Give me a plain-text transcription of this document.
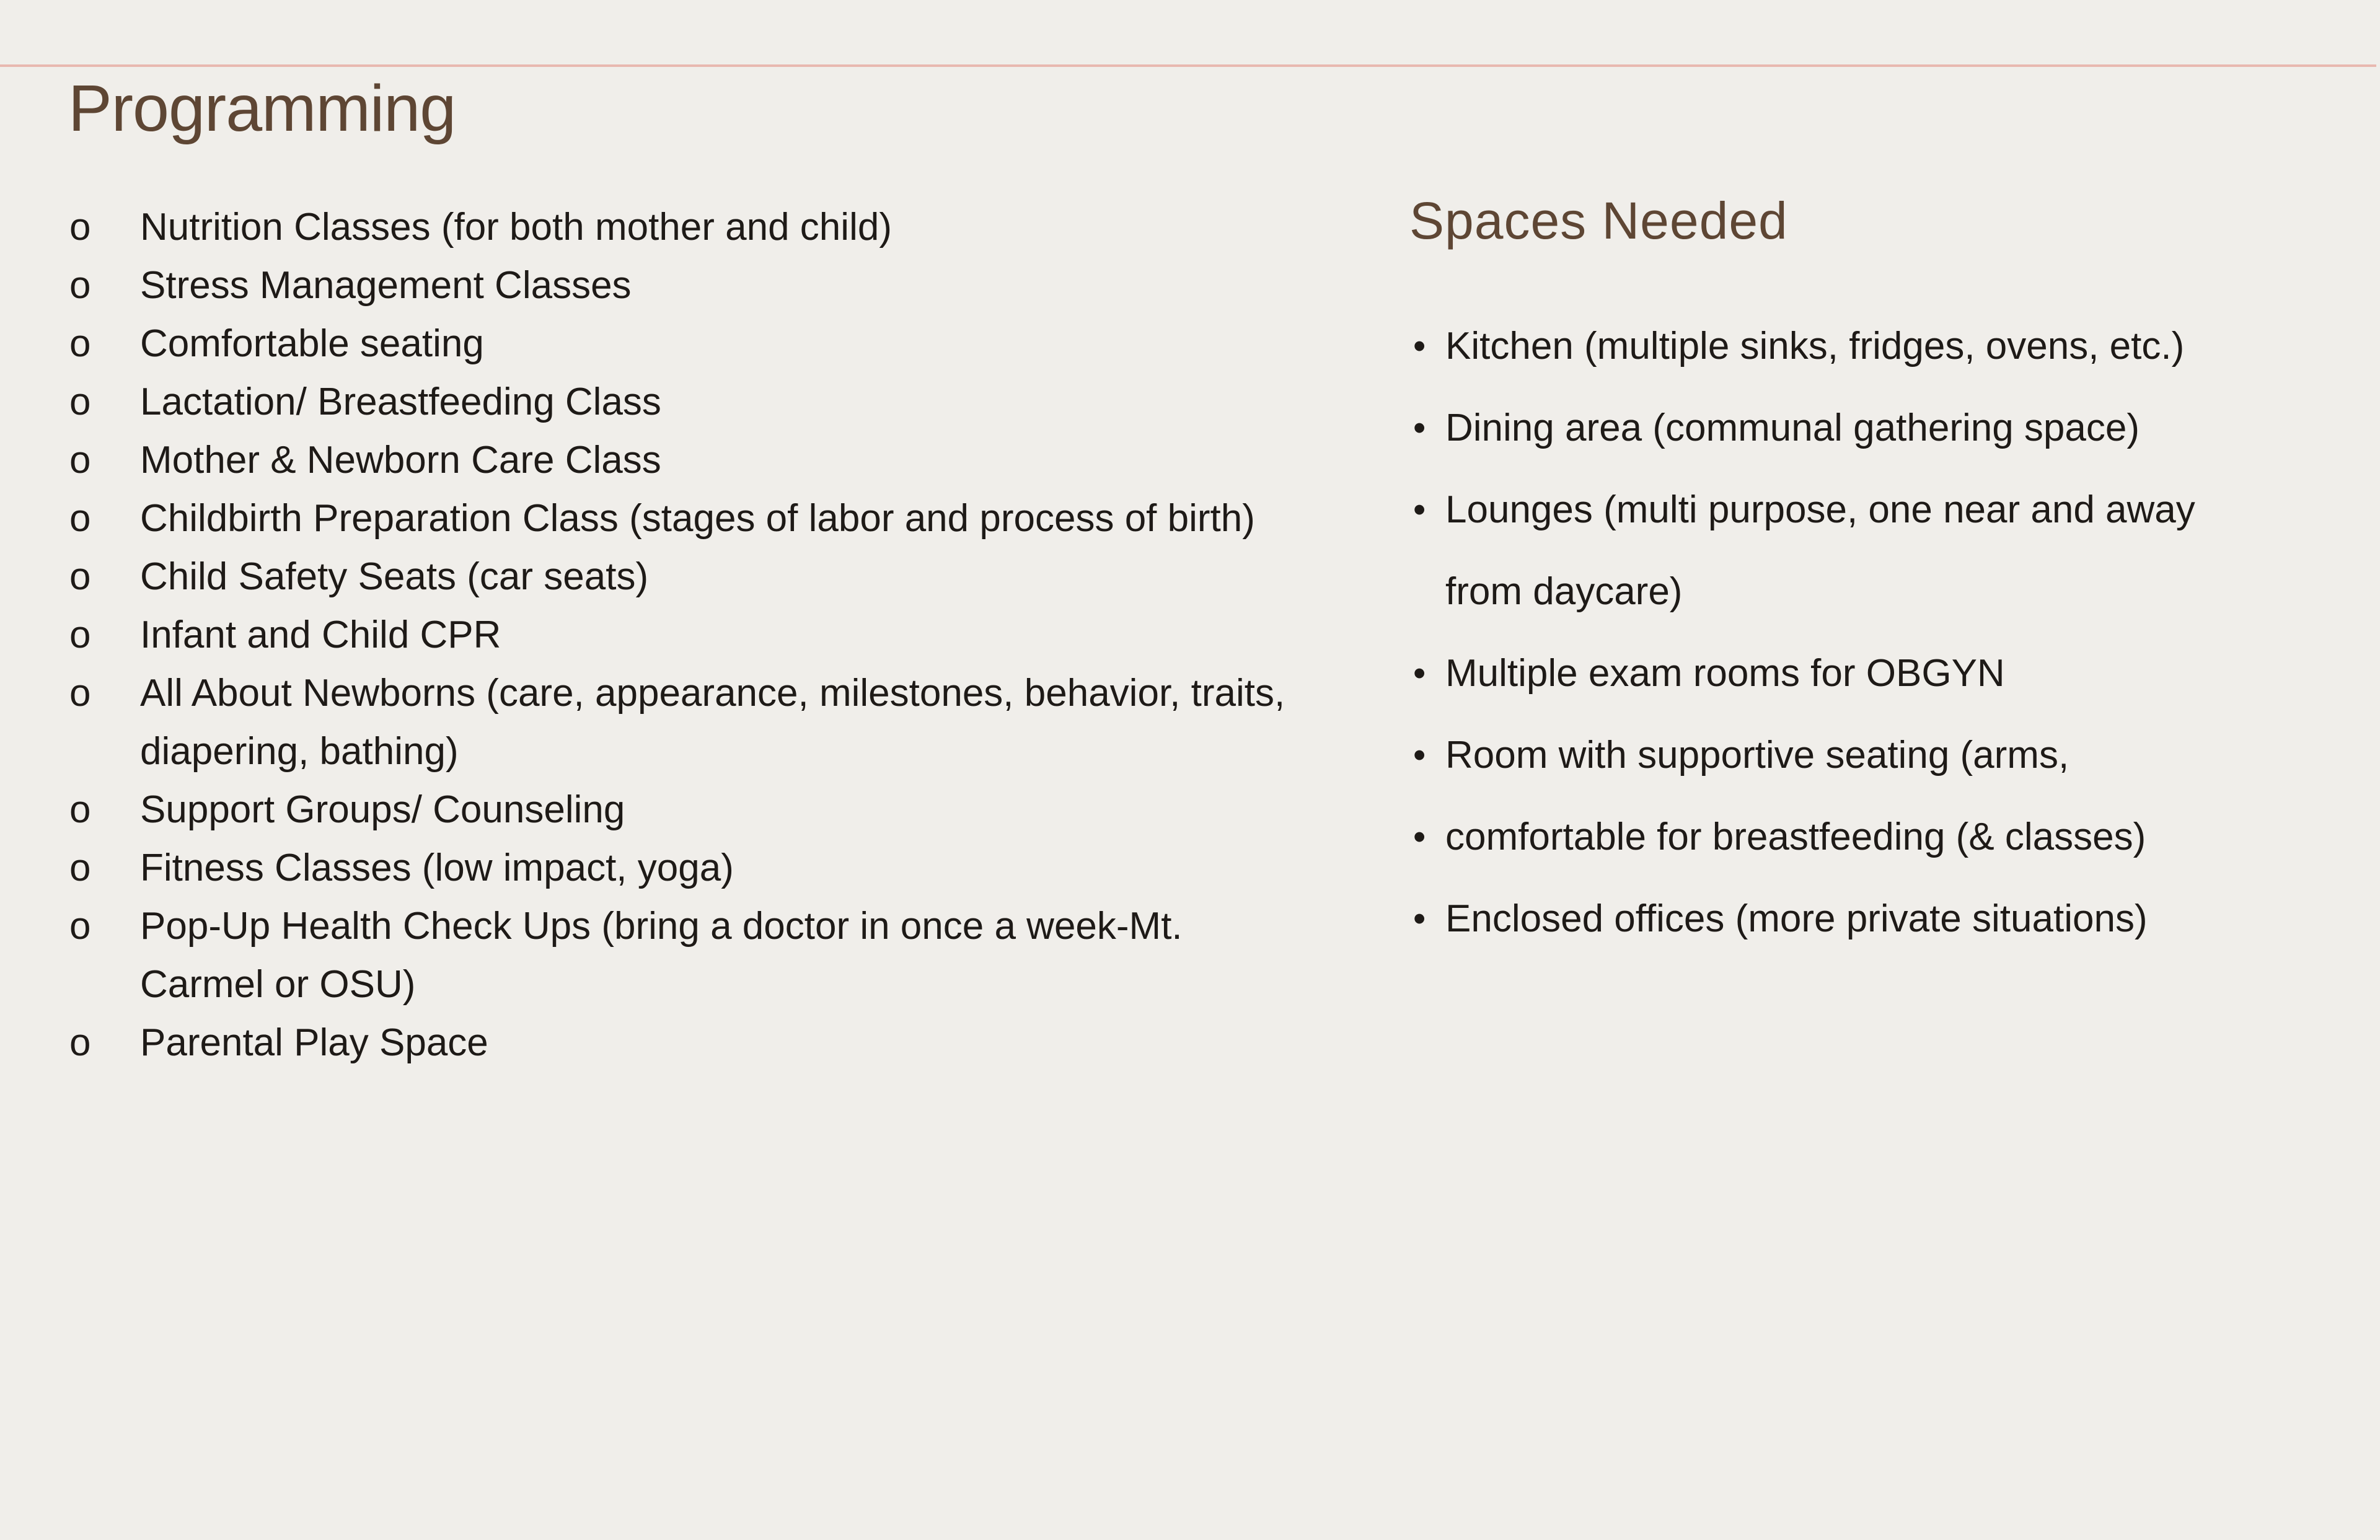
Programming
o	Nutrition Classes (for both mother and child)
o	Stress Management Classes
o	Comfortable seating
o	Lactation/ Breastfeeding Class
o	Mother & Newborn Care Class
o	Childbirth Preparation Class (stages of labor and process of birth)
o	Child Safety Seats (car seats)
o	Infant and Child CPR
o	All About Newborns (care, appearance, milestones, behavior, traits, diapering, bathing)
o	Support Groups/ Counseling
o	Fitness Classes (low impact, yoga)
o	Pop-Up Health Check Ups (bring a doctor in once a week-Mt. Carmel or OSU)
o	Parental Play Space
Spaces Needed
• Kitchen (multiple sinks, fridges, ovens, etc.)
• Dining area (communal gathering space)
• Lounges (multi purpose, one near and away from daycare)
• Multiple exam rooms for OBGYN
• Room with supportive seating (arms,
• comfortable for breastfeeding (& classes)
• Enclosed offices (more private situations)
